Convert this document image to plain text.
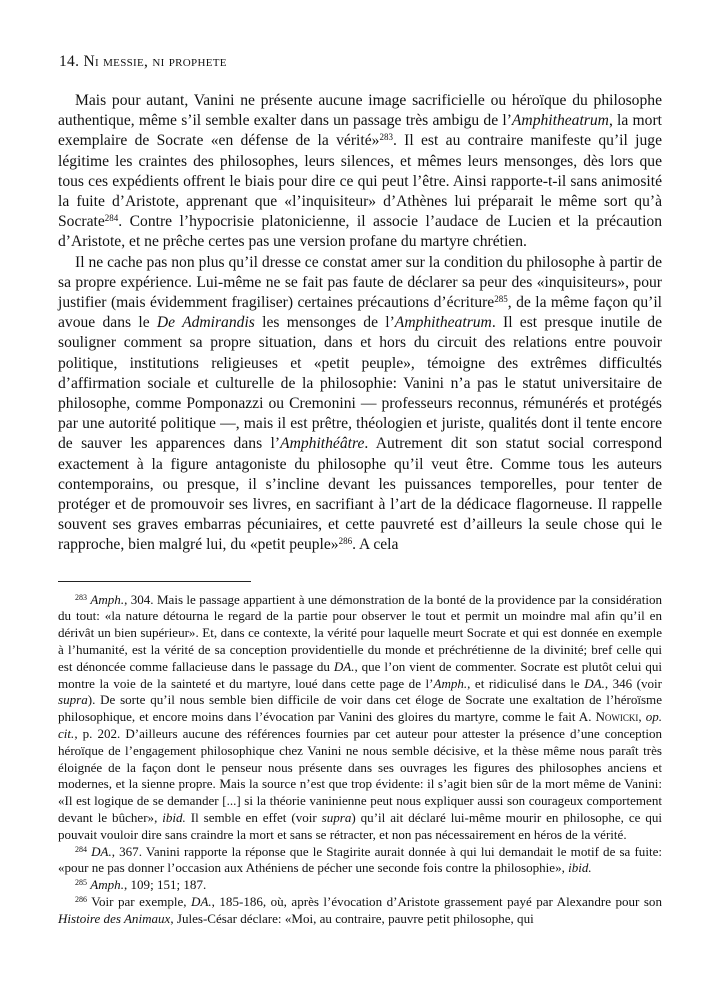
14. Ni messie, ni prophete

Mais pour autant, Vanini ne présente aucune image sacrificielle ou héroïque du philosophe authentique, même s’il semble exalter dans un passage très ambigu de l’Amphitheatrum, la mort exemplaire de Socrate «en défense de la vérité»$^{283}$. Il est au contraire manifeste qu’il juge légitime les craintes des philosophes, leurs silences, et mêmes leurs mensonges, dès lors que tous ces expédients offrent le biais pour dire ce qui peut l’être. Ainsi rapporte-t-il sans animosité la fuite d’Aristote, apprenant que «l’inquisiteur» d’Athènes lui préparait le même sort qu’à Socrate$^{284}$. Contre l’hypocrisie platonicienne, il associe l’audace de Lucien et la précaution d’Aristote, et ne prêche certes pas une version profane du martyre chrétien.

Il ne cache pas non plus qu’il dresse ce constat amer sur la condition du philosophe à partir de sa propre expérience. Lui-même ne se fait pas faute de déclarer sa peur des «inquisiteurs», pour justifier (mais évidemment fragiliser) certaines précautions d’écriture$^{285}$, de la même façon qu’il avoue dans le De Admirandis les mensonges de l’Amphitheatrum. Il est presque inutile de souligner comment sa propre situation, dans et hors du circuit des relations entre pouvoir politique, institutions religieuses et «petit peuple», témoigne des extrêmes difficultés d’affirmation sociale et culturelle de la philosophie: Vanini n’a pas le statut universitaire de philosophe, comme Pomponazzi ou Cremonini — professeurs reconnus, rémunérés et protégés par une autorité politique —, mais il est prêtre, théologien et juriste, qualités dont il tente encore de sauver les apparences dans l’Amphithéâtre. Autrement dit son statut social correspond exactement à la figure antagoniste du philosophe qu’il veut être. Comme tous les auteurs contemporains, ou presque, il s’incline devant les puissances temporelles, pour tenter de protéger et de promouvoir ses livres, en sacrifiant à l’art de la dédicace flagorneuse. Il rappelle souvent ses graves embarras pécuniaires, et cette pauvreté est d’ailleurs la seule chose qui le rapproche, bien malgré lui, du «petit peuple»$^{286}$. A cela

$^{283}$ Amph., 304. Mais le passage appartient à une démonstration de la bonté de la providence par la considération du tout: «la nature détourna le regard de la partie pour observer le tout et permit un moindre mal afin qu’il en dérivât un bien supérieur». Et, dans ce contexte, la vérité pour laquelle meurt Socrate et qui est donnée en exemple à l’humanité, est la vérité de sa conception providentielle du monde et préchrétienne de la divinité; bref celle qui est dénoncée comme fallacieuse dans le passage du DA., que l’on vient de commenter. Socrate est plutôt celui qui montre la voie de la sainteté et du martyre, loué dans cette page de l’Amph., et ridiculisé dans le DA., 346 (voir supra). De sorte qu’il nous semble bien difficile de voir dans cet éloge de Socrate une exaltation de l’héroïsme philosophique, et encore moins dans l’évocation par Vanini des gloires du martyre, comme le fait A. Nowicki, op. cit., p. 202. D’ailleurs aucune des références fournies par cet auteur pour attester la présence d’une conception héroïque de l’engagement philosophique chez Vanini ne nous semble décisive, et la thèse même nous paraît très éloignée de la façon dont le penseur nous présente dans ses ouvrages les figures des philosophes anciens et modernes, et la sienne propre. Mais la source n’est que trop évidente: il s’agit bien sûr de la mort même de Vanini: «Il est logique de se demander [...] si la théorie vaninienne peut nous expliquer aussi son courageux comportement devant le bûcher», ibid. Il semble en effet (voir supra) qu’il ait déclaré lui-même mourir en philosophe, ce qui pouvait vouloir dire sans craindre la mort et sans se rétracter, et non pas nécessairement en héros de la vérité.

$^{284}$ DA., 367. Vanini rapporte la réponse que le Stagirite aurait donnée à qui lui demandait le motif de sa fuite: «pour ne pas donner l’occasion aux Athéniens de pécher une seconde fois contre la philosophie», ibid.

$^{285}$ Amph., 109; 151; 187.

$^{286}$ Voir par exemple, DA., 185-186, où, après l’évocation d’Aristote grassement payé par Alexandre pour son Histoire des Animaux, Jules-César déclare: «Moi, au contraire, pauvre petit philosophe, qui
